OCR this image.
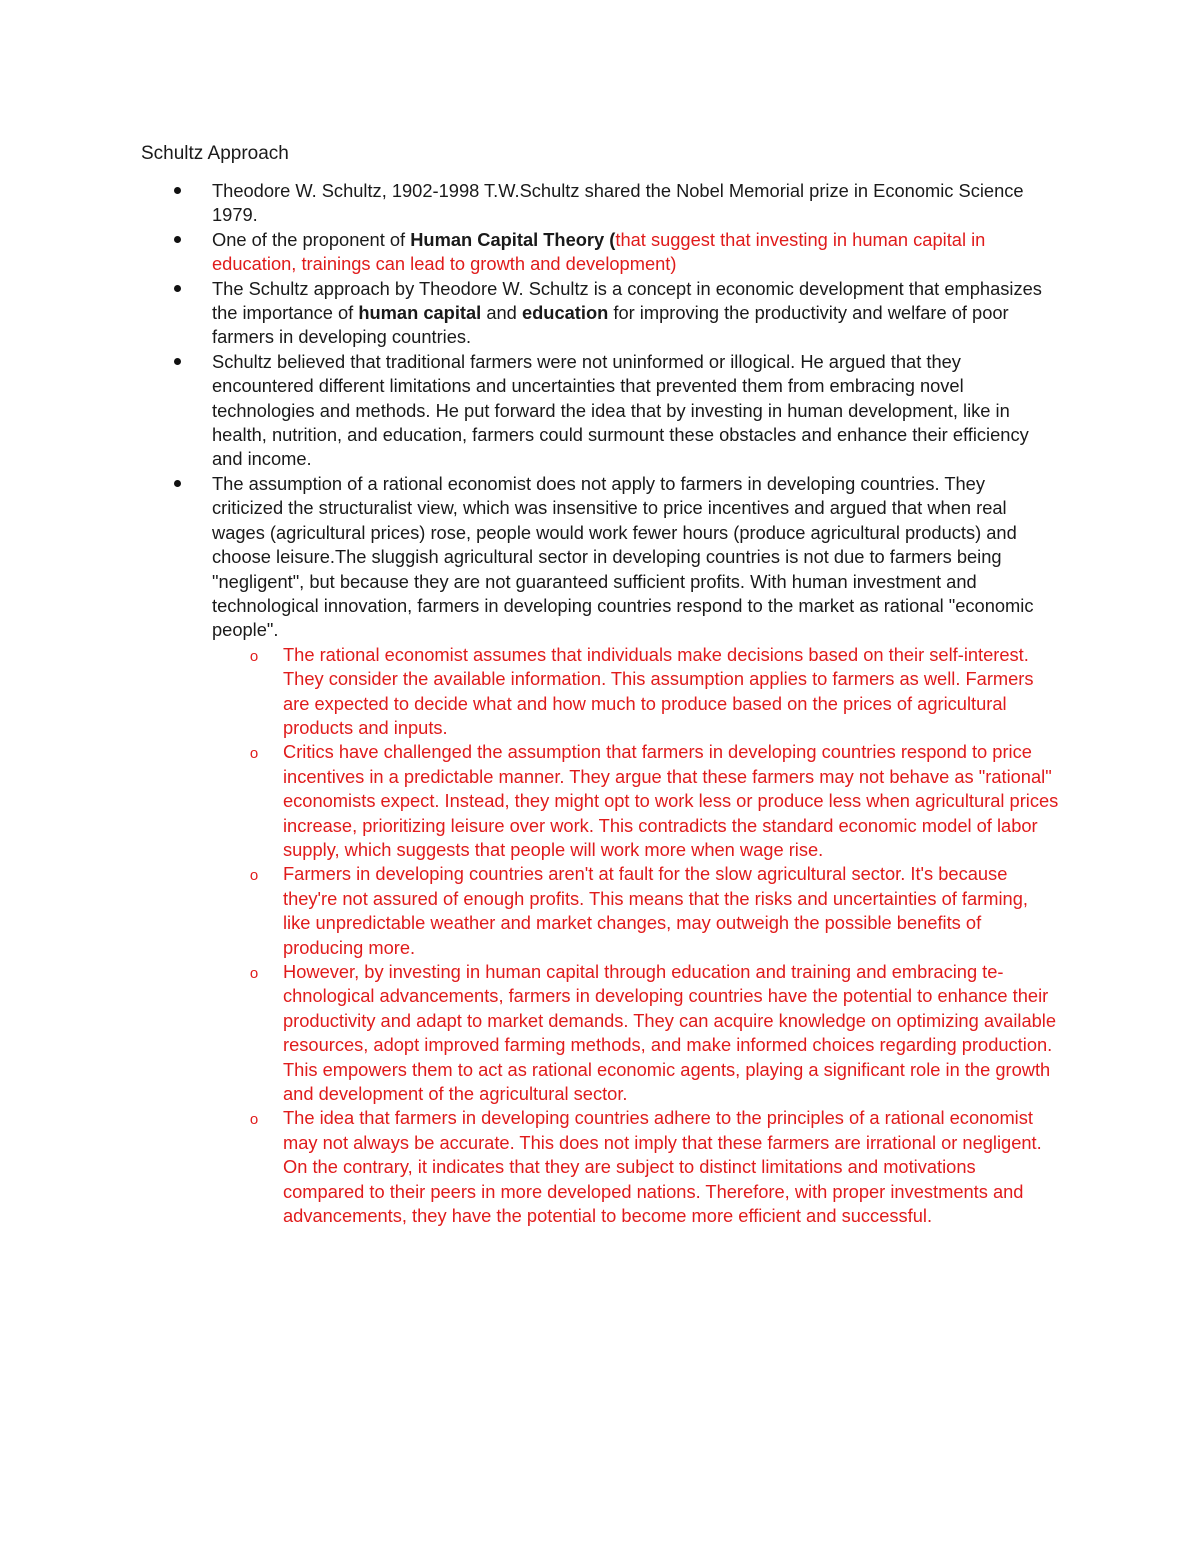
Schultz Approach
Theodore W. Schultz, 1902-1998 T.W.Schultz shared the Nobel Memorial prize in Economic Science 1979.
One of the proponent of Human Capital Theory (that suggest that investing in human capital in education, trainings can lead to growth and development)
The Schultz approach by Theodore W. Schultz is a concept in economic development that emphasizes the importance of human capital and education for improving the productivity and welfare of poor farmers in developing countries.
Schultz believed that traditional farmers were not uninformed or illogical. He argued that they encountered different limitations and uncertainties that prevented them from embracing novel technologies and methods. He put forward the idea that by investing in human development, like in health, nutrition, and education, farmers could surmount these obstacles and enhance their efficiency and income.
The assumption of a rational economist does not apply to farmers in developing countries. They criticized the structuralist view, which was insensitive to price incentives and argued that when real wages (agricultural prices) rose, people would work fewer hours (produce agricultural products) and choose leisure.The sluggish agricultural sector in developing countries is not due to farmers being "negligent", but because they are not guaranteed sufficient profits. With human investment and technological innovation, farmers in developing countries respond to the market as rational "economic people".
o The rational economist assumes that individuals make decisions based on their self-interest. They consider the available information. This assumption applies to farmers as well. Farmers are expected to decide what and how much to produce based on the prices of agricultural products and inputs.
o Critics have challenged the assumption that farmers in developing countries respond to price incentives in a predictable manner. They argue that these farmers may not behave as "rational" economists expect. Instead, they might opt to work less or produce less when agricultural prices increase, prioritizing leisure over work. This contradicts the standard economic model of labor supply, which suggests that people will work more when wage rise.
o Farmers in developing countries aren't at fault for the slow agricultural sector. It's because they're not assured of enough profits. This means that the risks and uncertainties of farming, like unpredictable weather and market changes, may outweigh the possible benefits of producing more.
o However, by investing in human capital through education and training and embracing te-chnological advancements, farmers in developing countries have the potential to enhance their productivity and adapt to market demands. They can acquire knowledge on optimizing available resources, adopt improved farming methods, and make informed choices regarding production. This empowers them to act as rational economic agents, playing a significant role in the growth and development of the agricultural sector.
o The idea that farmers in developing countries adhere to the principles of a rational economist may not always be accurate. This does not imply that these farmers are irrational or negligent. On the contrary, it indicates that they are subject to distinct limitations and motivations compared to their peers in more developed nations. Therefore, with proper investments and advancements, they have the potential to become more efficient and successful.
